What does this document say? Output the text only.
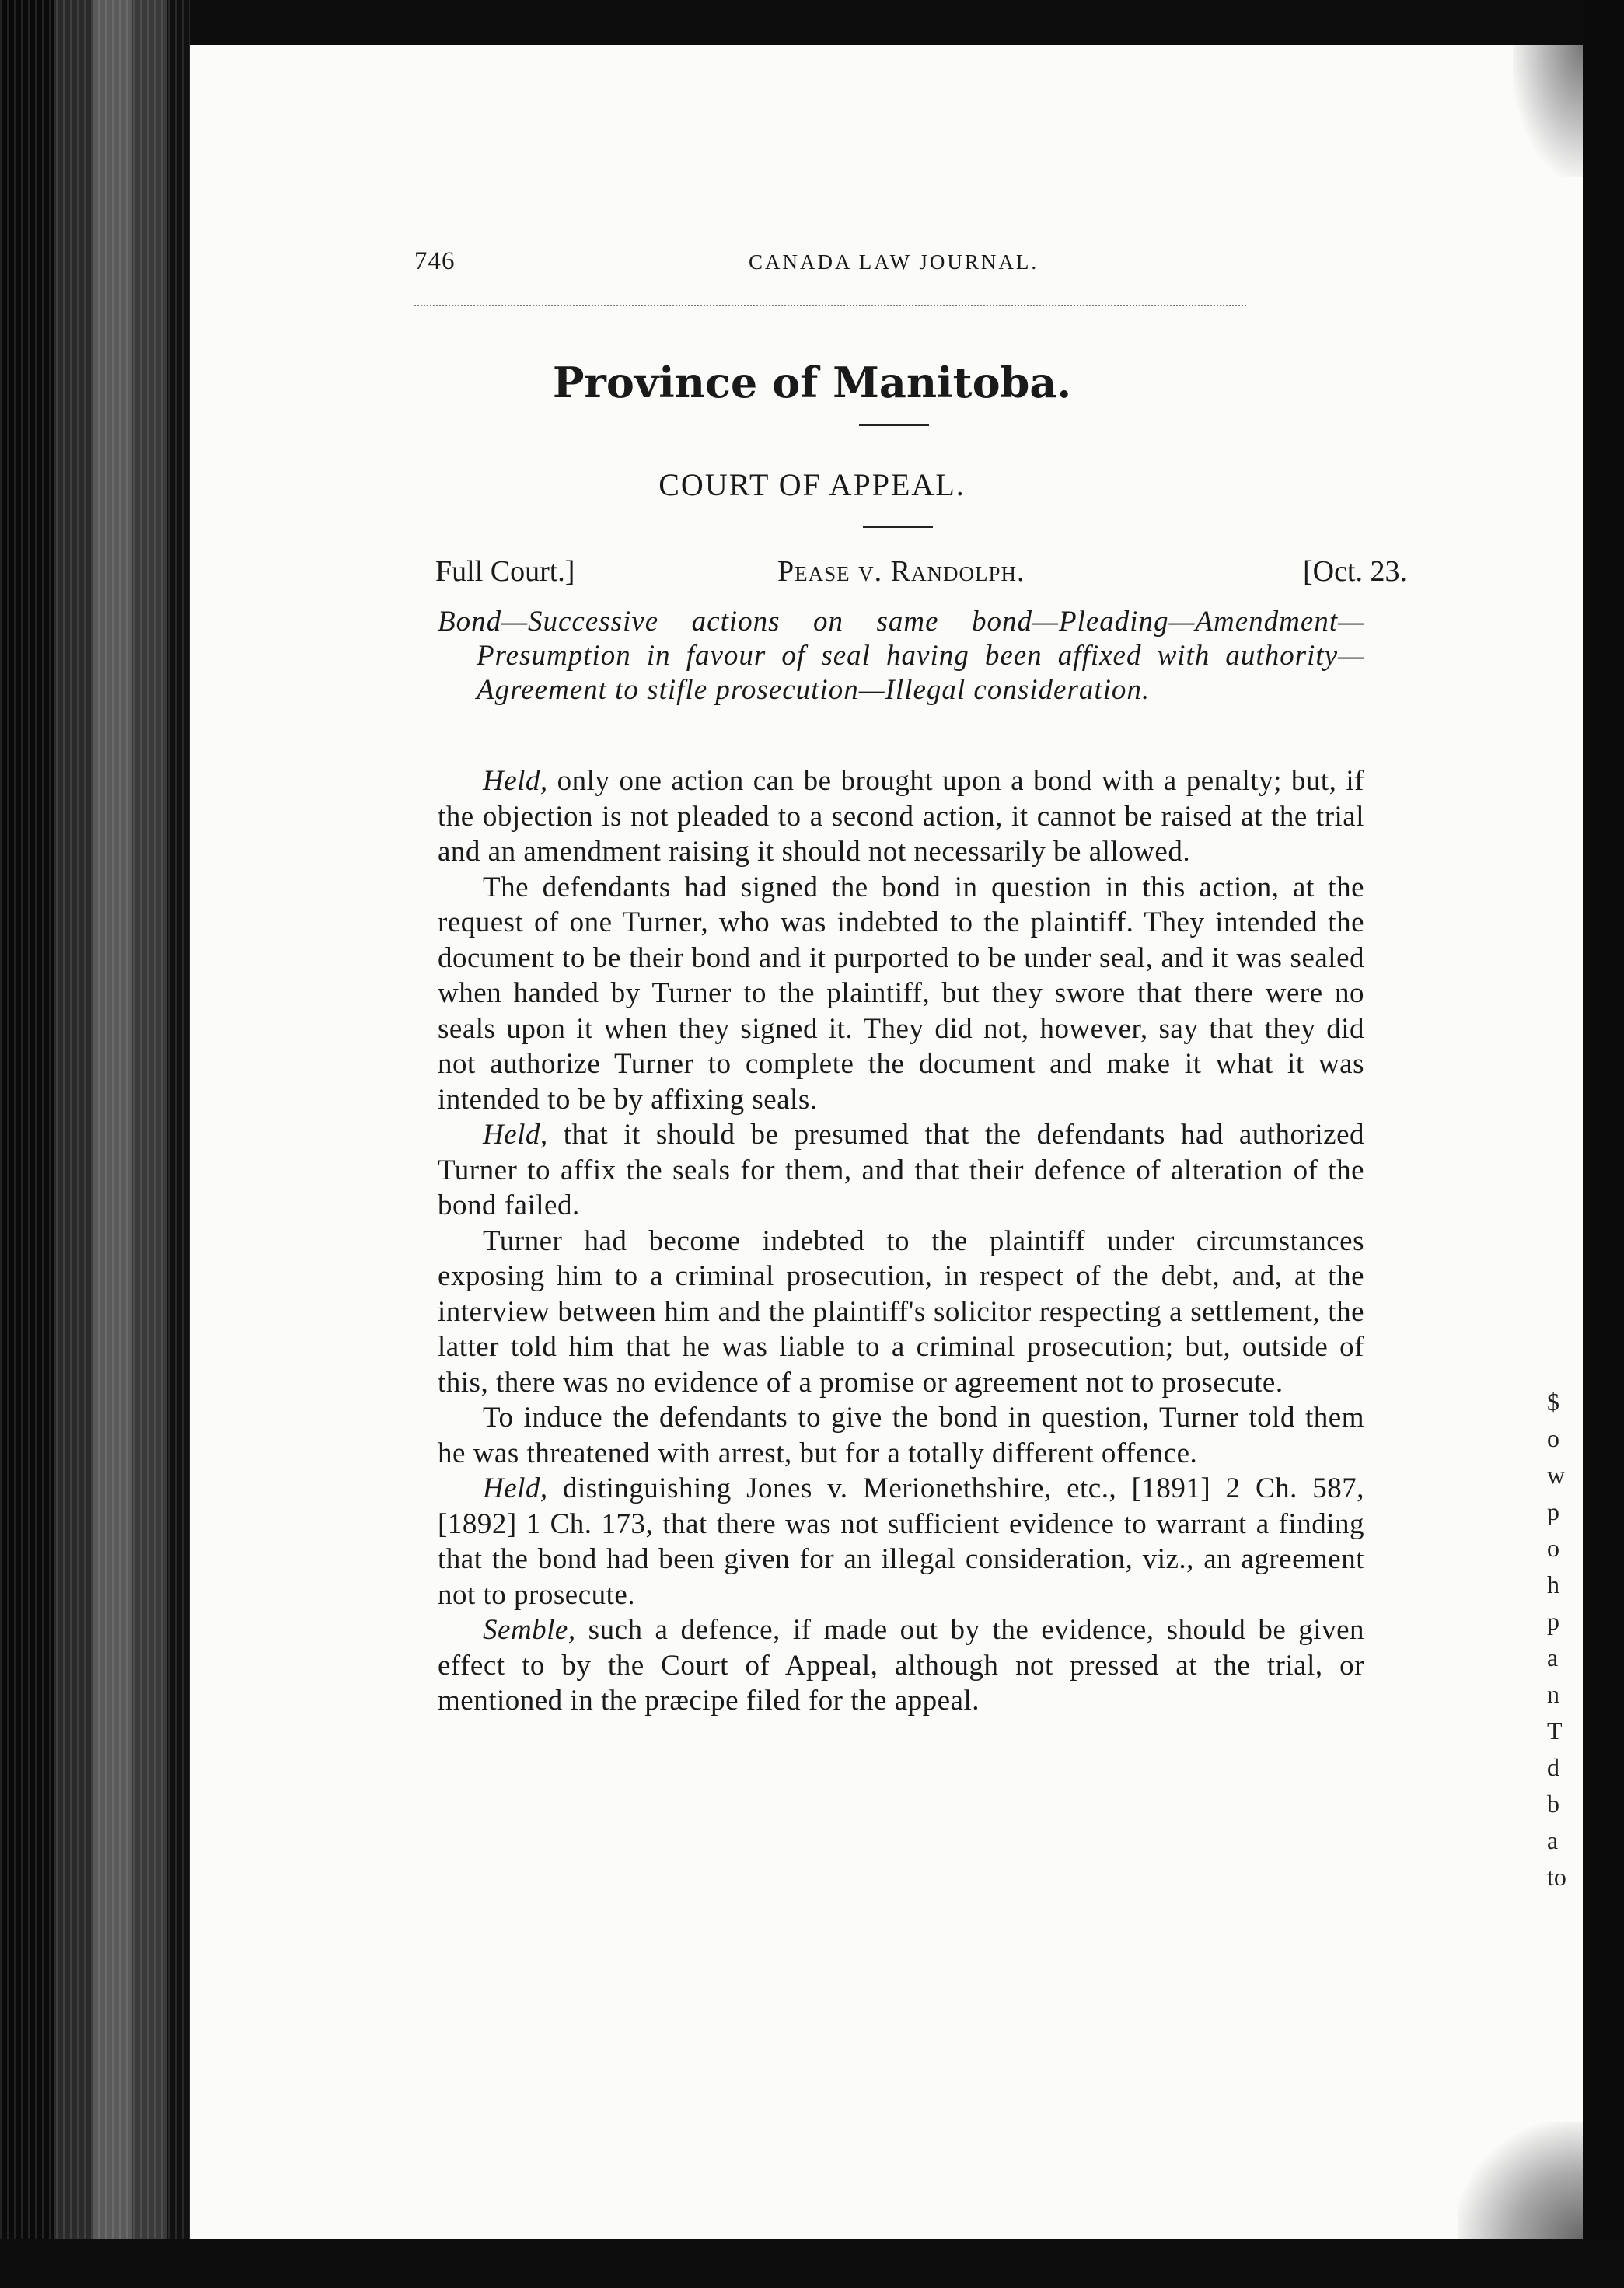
746	CANADA LAW JOURNAL.
Province of Manitoba.
COURT OF APPEAL.
Full Court.]	Pease v. Randolph.	[Oct. 23.
Bond—Successive actions on same bond—Pleading—Amendment—Presumption in favour of seal having been affixed with authority—Agreement to stifle prosecution—Illegal consideration.

Held, only one action can be brought upon a bond with a penalty; but, if the objection is not pleaded to a second action, it cannot be raised at the trial and an amendment raising it should not necessarily be allowed.

The defendants had signed the bond in question in this action, at the request of one Turner, who was indebted to the plaintiff. They intended the document to be their bond and it purported to be under seal, and it was sealed when handed by Turner to the plaintiff, but they swore that there were no seals upon it when they signed it. They did not, however, say that they did not authorize Turner to complete the document and make it what it was intended to be by affixing seals.

Held, that it should be presumed that the defendants had authorized Turner to affix the seals for them, and that their defence of alteration of the bond failed.

Turner had become indebted to the plaintiff under circumstances exposing him to a criminal prosecution, in respect of the debt, and, at the interview between him and the plaintiff's solicitor respecting a settlement, the latter told him that he was liable to a criminal prosecution; but, outside of this, there was no evidence of a promise or agreement not to prosecute.

To induce the defendants to give the bond in question, Turner told them he was threatened with arrest, but for a totally different offence.

Held, distinguishing Jones v. Merionethshire, etc., [1891] 2 Ch. 587, [1892] 1 Ch. 173, that there was not sufficient evidence to warrant a finding that the bond had been given for an illegal consideration, viz., an agreement not to prosecute.

Semble, such a defence, if made out by the evidence, should be given effect to by the Court of Appeal, although not pressed at the trial, or mentioned in the præcipe filed for the appeal.

$
o
w
p
o
h
p
a
n
T
d
b
a
to
